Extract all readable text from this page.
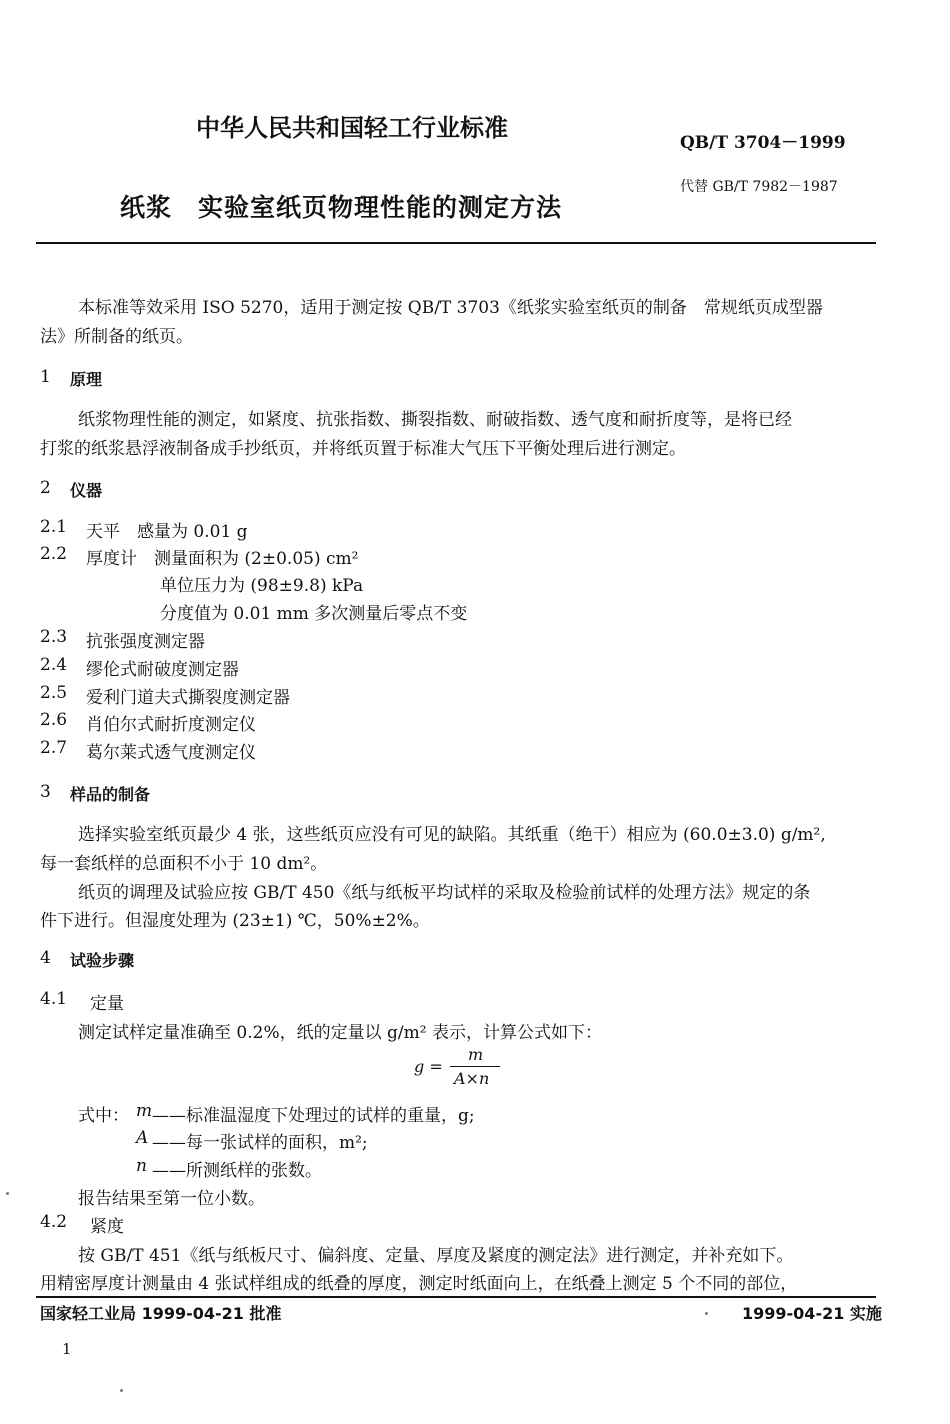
中华人民共和国轻工行业标准
QB/T 3704－1999
代替 GB/T 7982－1987
纸浆　实验室纸页物理性能的测定方法
本标准等效采用 ISO 5270，适用于测定按 QB/T 3703《纸浆实验室纸页的制备　常规纸页成型器
法》所制备的纸页。
1 原理
纸浆物理性能的测定，如紧度、抗张指数、撕裂指数、耐破指数、透气度和耐折度等，是将已经
打浆的纸浆悬浮液制备成手抄纸页，并将纸页置于标准大气压下平衡处理后进行测定。
2 仪器
2.1 天平　感量为 0.01 g
2.2 厚度计　测量面积为 (2±0.05) cm²
单位压力为 (98±9.8) kPa
分度值为 0.01 mm 多次测量后零点不变
2.3 抗张强度测定器
2.4 缪伦式耐破度测定器
2.5 爱利门道夫式撕裂度测定器
2.6 肖伯尔式耐折度测定仪
2.7 葛尔莱式透气度测定仪
3 样品的制备
选择实验室纸页最少 4 张，这些纸页应没有可见的缺陷。其纸重（绝干）相应为 (60.0±3.0) g/m²,
每一套纸样的总面积不小于 10 dm²。
纸页的调理及试验应按 GB/T 450《纸与纸板平均试样的采取及检验前试样的处理方法》规定的条
件下进行。但湿度处理为 (23±1) ℃，50%±2%。
4 试验步骤
4.1 定量
测定试样定量准确至 0.2%，纸的定量以 g/m² 表示，计算公式如下：
g =
m
A×n
式中： m ——标准温湿度下处理过的试样的重量，g;
A ——每一张试样的面积，m²;
n ——所测纸样的张数。
报告结果至第一位小数。
4.2 紧度
按 GB/T 451《纸与纸板尺寸、偏斜度、定量、厚度及紧度的测定法》进行测定，并补充如下。
用精密厚度计测量由 4 张试样组成的纸叠的厚度，测定时纸面向上，在纸叠上测定 5 个不同的部位，
国家轻工业局 1999-04-21 批准	1999-04-21 实施
1
